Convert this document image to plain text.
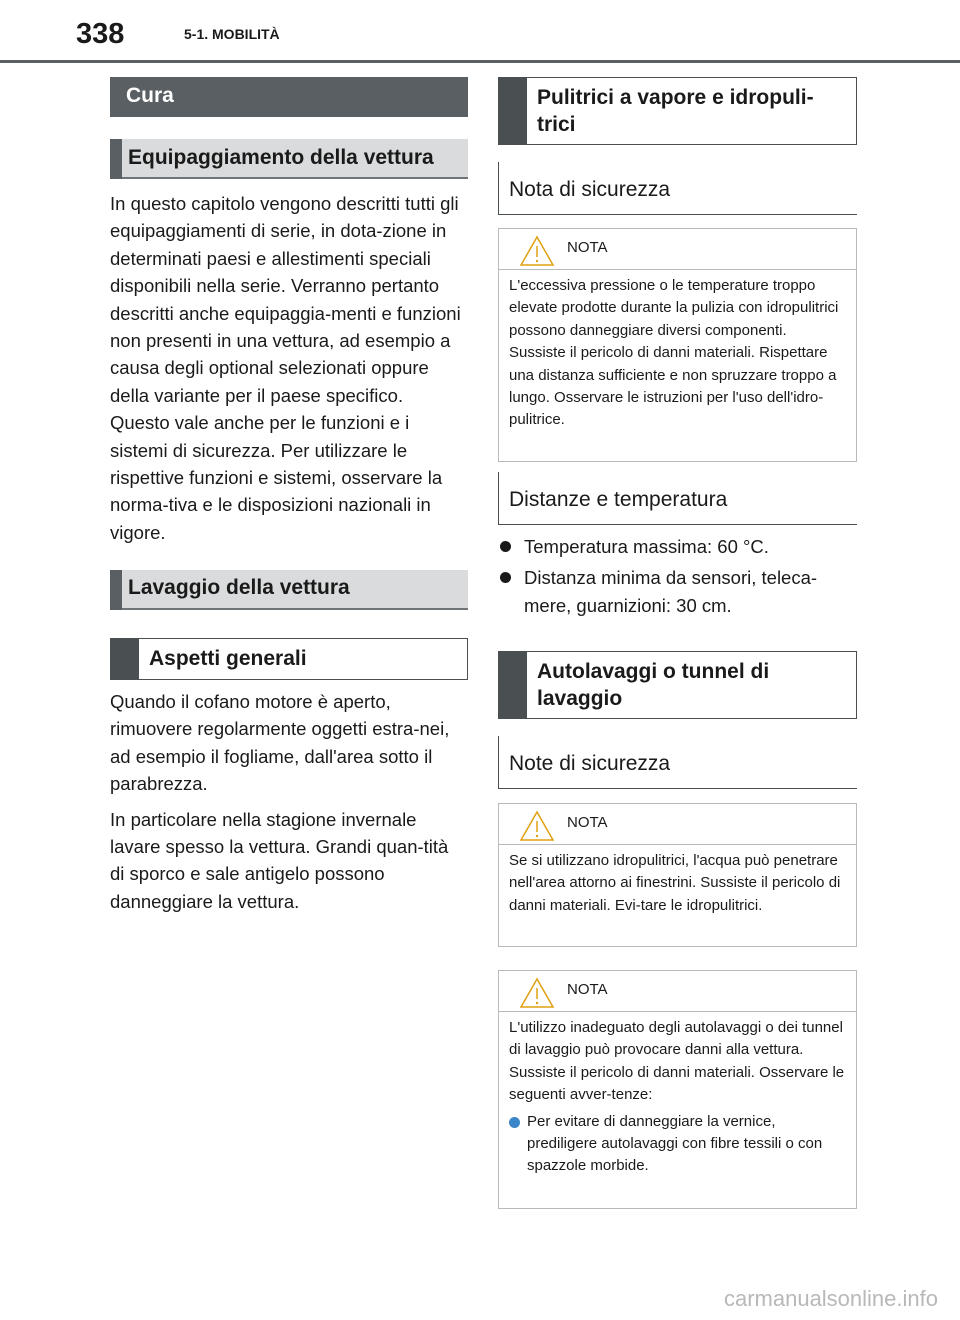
338	5-1. MOBILITÀ
Cura
Equipaggiamento della vettura

In questo capitolo vengono descritti tutti gli equipaggiamenti di serie, in dota-zione in determinati paesi e allestimenti speciali disponibili nella serie. Verranno pertanto descritti anche equipaggia-menti e funzioni non presenti in una vettura, ad esempio a causa degli optional selezionati oppure della variante per il paese specifico. Questo vale anche per le funzioni e i sistemi di sicurezza. Per utilizzare le rispettive funzioni e sistemi, osservare la norma-tiva e le disposizioni nazionali in vigore.

Lavaggio della vettura
Aspetti generali

Quando il cofano motore è aperto, rimuovere regolarmente oggetti estra-nei, ad esempio il fogliame, dall'area sotto il parabrezza.

In particolare nella stagione invernale lavare spesso la vettura. Grandi quan-tità di sporco e sale antigelo possono danneggiare la vettura.

Pulitrici a vapore e idropuli-trici
Nota di sicurezza
NOTA
L'eccessiva pressione o le temperature troppo elevate prodotte durante la pulizia con idropulitrici possono danneggiare diversi componenti. Sussiste il pericolo di danni materiali. Rispettare una distanza sufficiente e non spruzzare troppo a lungo. Osservare le istruzioni per l'uso dell'idro-pulitrice.
Distanze e temperatura
Temperatura massima: 60 °C.
Distanza minima da sensori, teleca-mere, guarnizioni: 30 cm.
Autolavaggi o tunnel di lavaggio
Note di sicurezza
NOTA
Se si utilizzano idropulitrici, l'acqua può penetrare nell'area attorno ai finestrini. Sussiste il pericolo di danni materiali. Evi-tare le idropulitrici.
NOTA
L'utilizzo inadeguato degli autolavaggi o dei tunnel di lavaggio può provocare danni alla vettura. Sussiste il pericolo di danni materiali. Osservare le seguenti avver-tenze:
Per evitare di danneggiare la vernice, prediligere autolavaggi con fibre tessili o con spazzole morbide.
carmanualsonline.info
